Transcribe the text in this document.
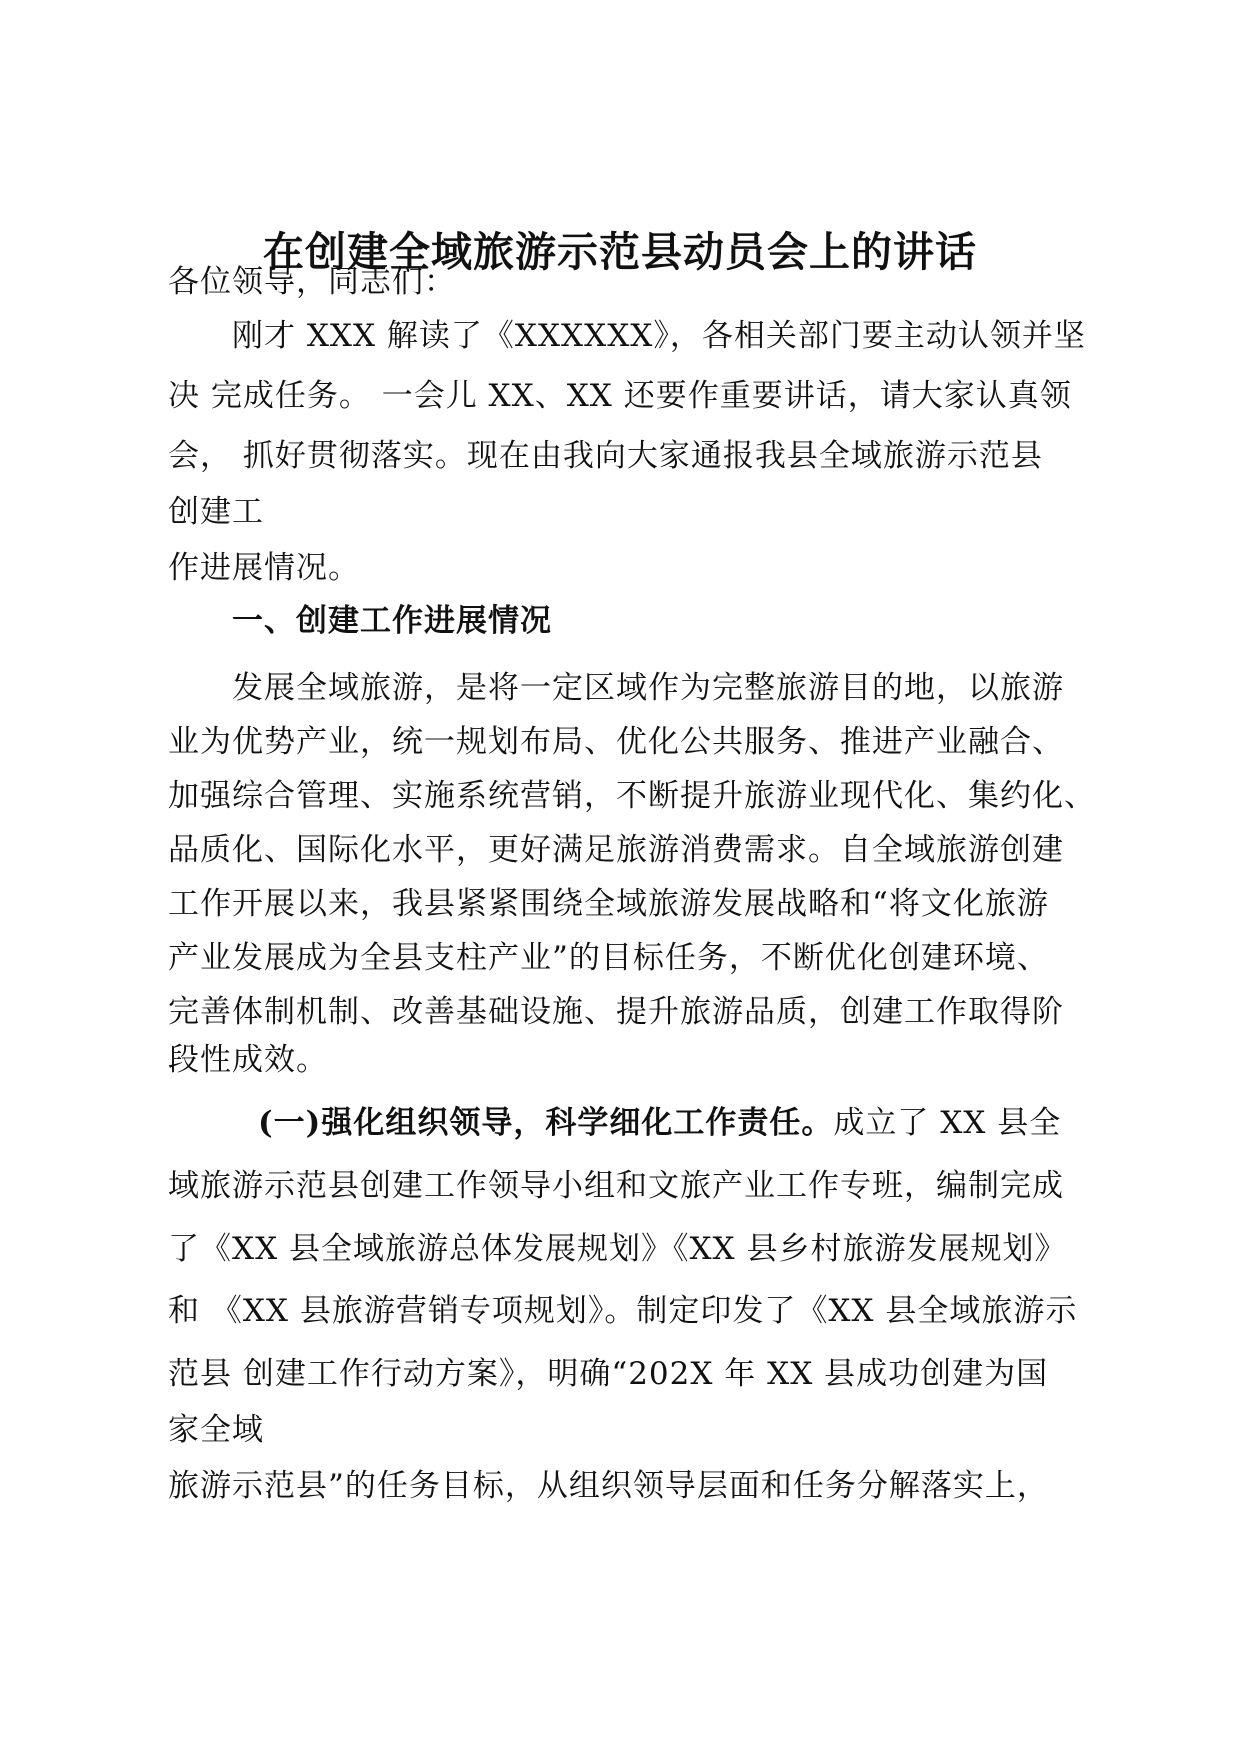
在创建全域旅游示范县动员会上的讲话
各位领导，同志们：
刚才 XXX 解读了《XXXXXX》，各相关部门要主动认领并坚
决 完成任务。 一会儿 XX、XX 还要作重要讲话，请大家认真领
会， 抓好贯彻落实。现在由我向大家通报我县全域旅游示范县
创建工
作进展情况。
一、创建工作进展情况
发展全域旅游，是将一定区域作为完整旅游目的地，以旅游
业为优势产业，统一规划布局、优化公共服务、推进产业融合、
加强综合管理、实施系统营销，不断提升旅游业现代化、集约化、
品质化、国际化水平，更好满足旅游消费需求。自全域旅游创建
工作开展以来，我县紧紧围绕全域旅游发展战略和“将文化旅游
产业发展成为全县支柱产业”的目标任务，不断优化创建环境、
完善体制机制、改善基础设施、提升旅游品质，创建工作取得阶
段性成效。
(一)强化组织领导，科学细化工作责任。成立了 XX 县全
域旅游示范县创建工作领导小组和文旅产业工作专班，编制完成
了《XX 县全域旅游总体发展规划》《XX 县乡村旅游发展规划》
和 《XX 县旅游营销专项规划》。制定印发了《XX 县全域旅游示
范县 创建工作行动方案》，明确“202X 年 XX 县成功创建为国
家全域
旅游示范县”的任务目标，从组织领导层面和任务分解落实上，
